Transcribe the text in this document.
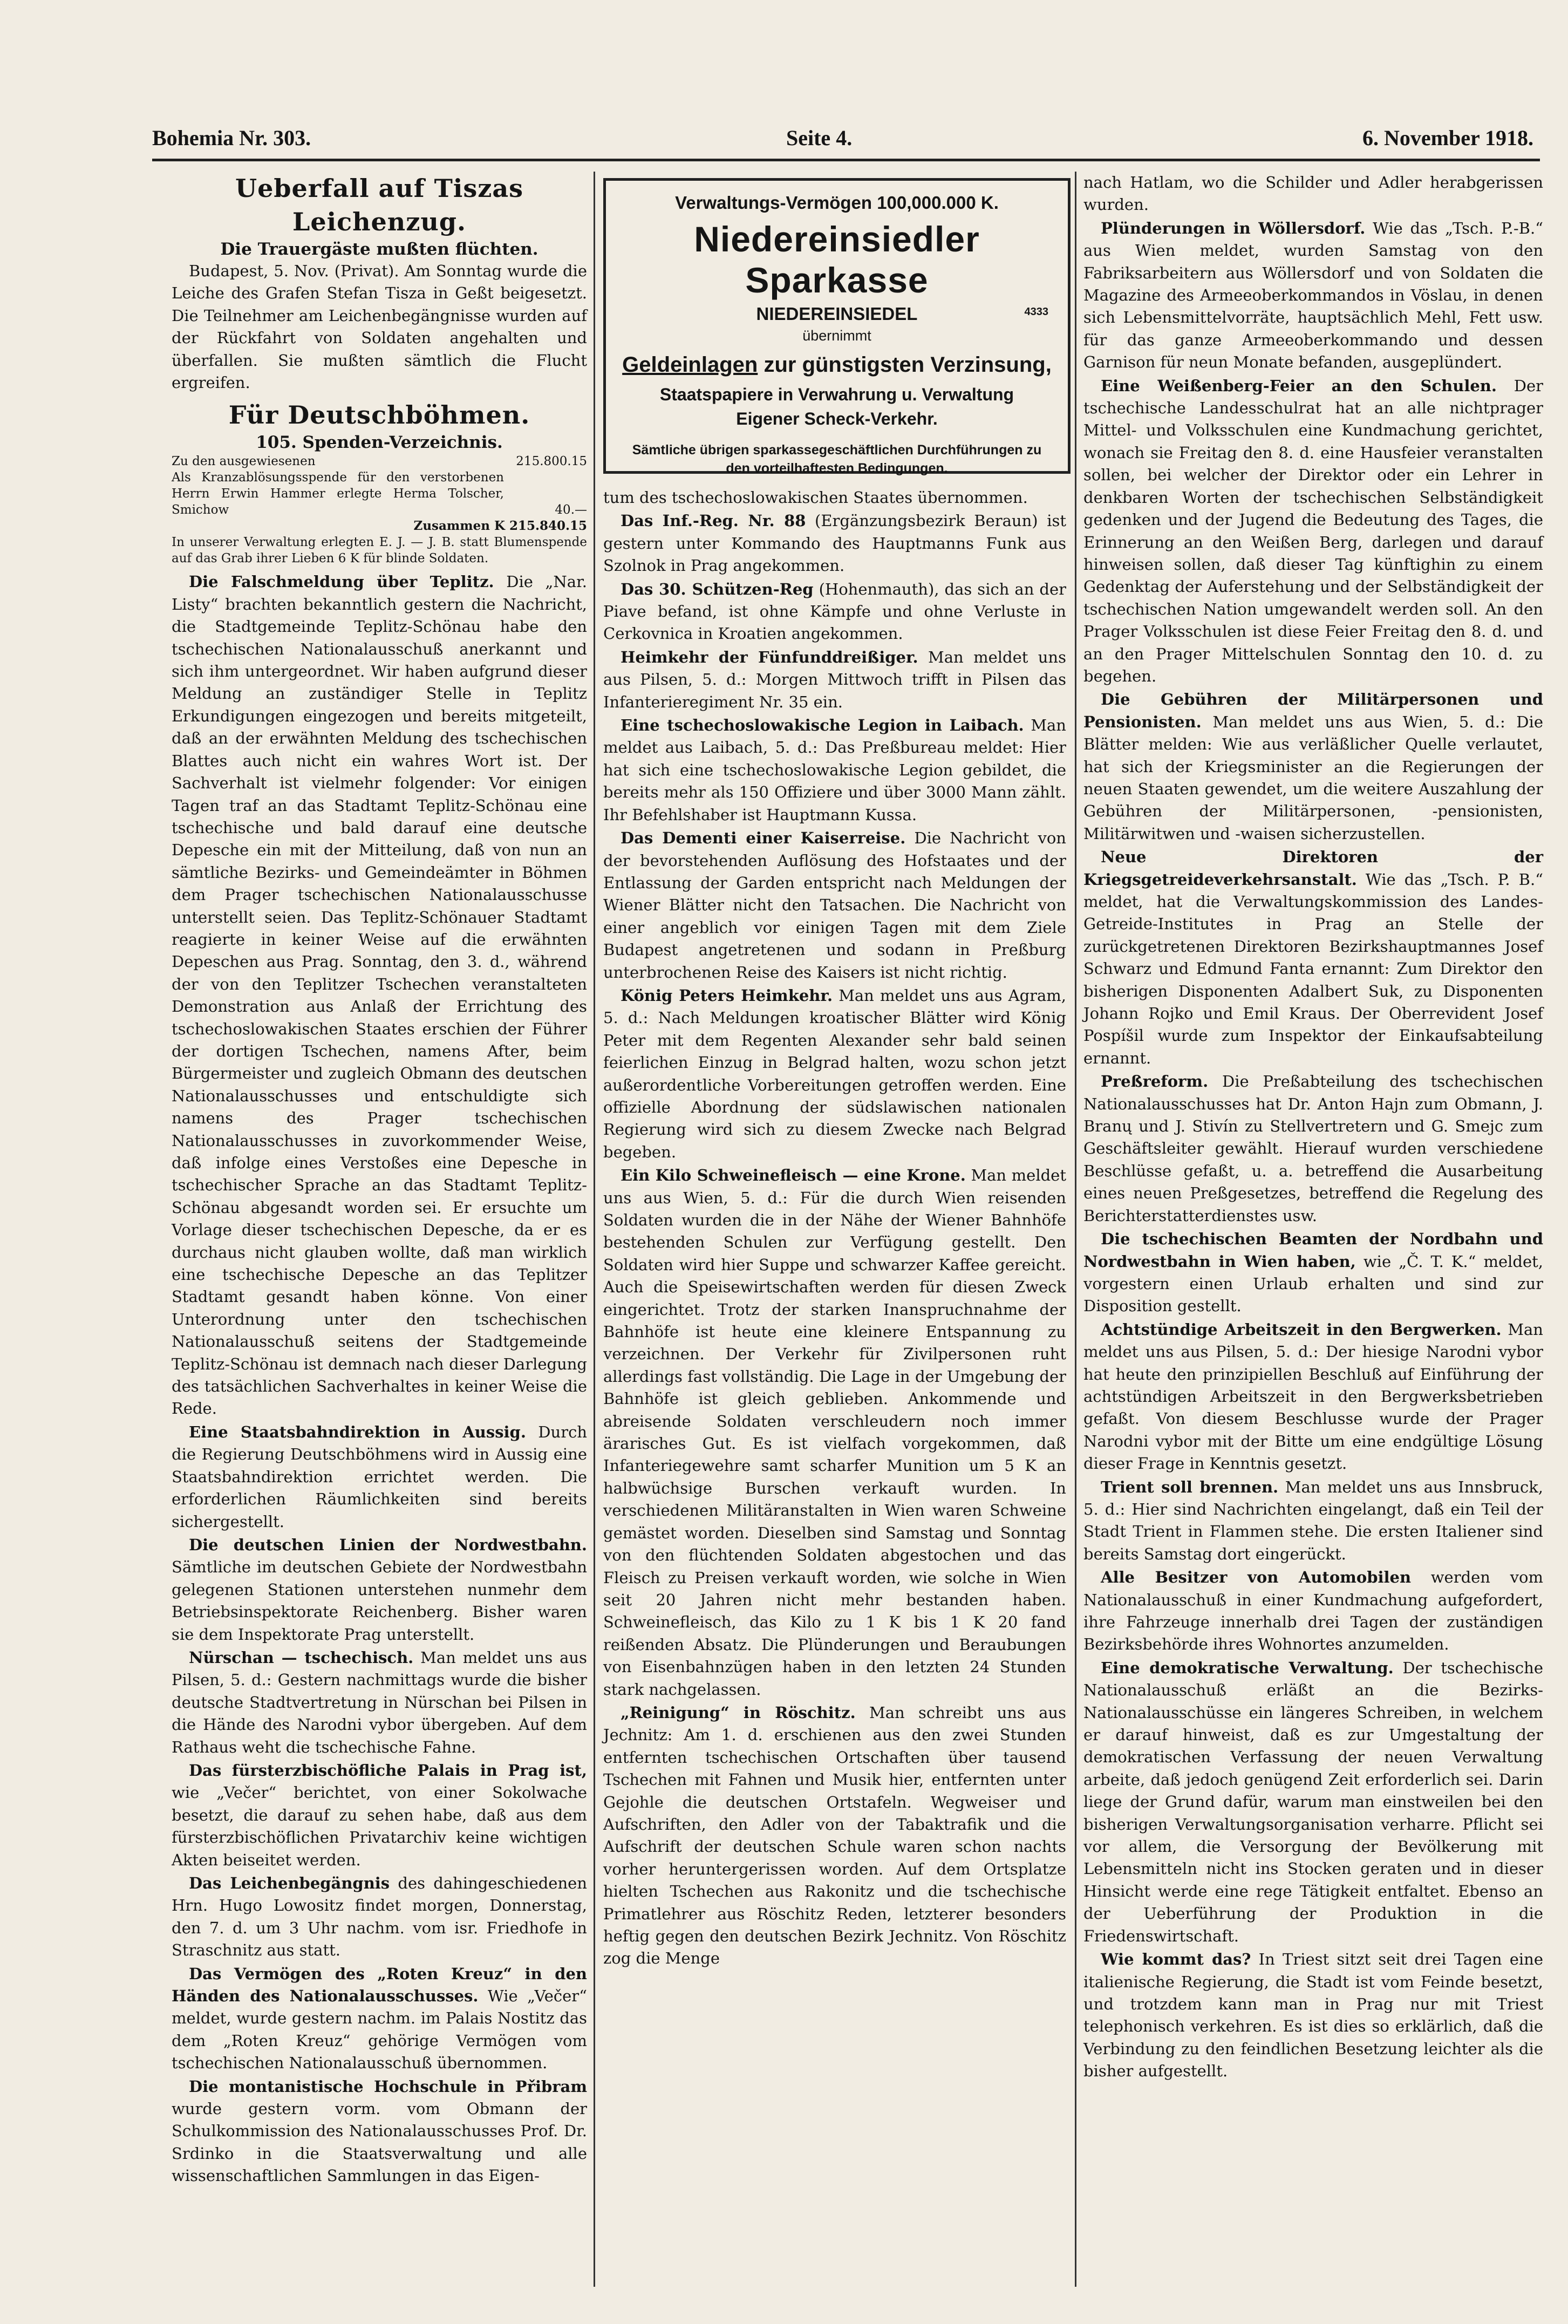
Bohemia Nr. 303.	Seite 4.	6. November 1918.
Ueberfall auf Tiszas Leichenzug.
Die Trauergäste mußten flüchten.

Budapest, 5. Nov. (Privat). Am Sonntag wurde die Leiche des Grafen Stefan Tisza in Geßt beigesetzt. Die Teilnehmer am Leichenbegängnisse wurden auf der Rückfahrt von Soldaten angehalten und überfallen. Sie mußten sämtlich die Flucht ergreifen.

Für Deutschböhmen.
105. Spenden-Verzeichnis.
Zu den ausgewiesenen	215.800.15
Als Kranzablösungsspende für den verstorbenen Herrn Erwin Hammer erlegte Herma Tolscher, Smichow	40.—
Zusammen K 215.840.15

In unserer Verwaltung erlegten E. J. — J. B. statt Blumenspende auf das Grab ihrer Lieben 6 K für blinde Soldaten.

Die Falschmeldung über Teplitz. Die „Nar. Listy“ brachten bekanntlich gestern die Nachricht, die Stadtgemeinde Teplitz-Schönau habe den tschechischen Nationalausschuß anerkannt und sich ihm untergeordnet. Wir haben aufgrund dieser Meldung an zuständiger Stelle in Teplitz Erkundigungen eingezogen und bereits mitgeteilt, daß an der erwähnten Meldung des tschechischen Blattes auch nicht ein wahres Wort ist. Der Sachverhalt ist vielmehr folgender: Vor einigen Tagen traf an das Stadtamt Teplitz-Schönau eine tschechische und bald darauf eine deutsche Depesche ein mit der Mitteilung, daß von nun an sämtliche Bezirks- und Gemeindeämter in Böhmen dem Prager tschechischen Nationalausschusse unterstellt seien. Das Teplitz-Schönauer Stadtamt reagierte in keiner Weise auf die erwähnten Depeschen aus Prag. Sonntag, den 3. d., während der von den Teplitzer Tschechen veranstalteten Demonstration aus Anlaß der Errichtung des tschechoslowakischen Staates erschien der Führer der dortigen Tschechen, namens After, beim Bürgermeister und zugleich Obmann des deutschen Nationalausschusses und entschuldigte sich namens des Prager tschechischen Nationalausschusses in zuvorkommender Weise, daß infolge eines Verstoßes eine Depesche in tschechischer Sprache an das Stadtamt Teplitz-Schönau abgesandt worden sei. Er ersuchte um Vorlage dieser tschechischen Depesche, da er es durchaus nicht glauben wollte, daß man wirklich eine tschechische Depesche an das Teplitzer Stadtamt gesandt haben könne. Von einer Unterordnung unter den tschechischen Nationalausschuß seitens der Stadtgemeinde Teplitz-Schönau ist demnach nach dieser Darlegung des tatsächlichen Sachverhaltes in keiner Weise die Rede.

Eine Staatsbahndirektion in Aussig. Durch die Regierung Deutschböhmens wird in Aussig eine Staatsbahndirektion errichtet werden. Die erforderlichen Räumlichkeiten sind bereits sichergestellt.

Die deutschen Linien der Nordwestbahn. Sämtliche im deutschen Gebiete der Nordwestbahn gelegenen Stationen unterstehen nunmehr dem Betriebsinspektorate Reichenberg. Bisher waren sie dem Inspektorate Prag unterstellt.

Nürschan — tschechisch. Man meldet uns aus Pilsen, 5. d.: Gestern nachmittags wurde die bisher deutsche Stadtvertretung in Nürschan bei Pilsen in die Hände des Narodni vybor übergeben. Auf dem Rathaus weht die tschechische Fahne.

Das fürsterzbischöfliche Palais in Prag ist, wie „Večer“ berichtet, von einer Sokolwache besetzt, die darauf zu sehen habe, daß aus dem fürsterzbischöflichen Privatarchiv keine wichtigen Akten beiseitet werden.

Das Leichenbegängnis des dahingeschiedenen Hrn. Hugo Lowositz findet morgen, Donnerstag, den 7. d. um 3 Uhr nachm. vom isr. Friedhofe in Straschnitz aus statt.

Das Vermögen des „Roten Kreuz“ in den Händen des Nationalausschusses. Wie „Večer“ meldet, wurde gestern nachm. im Palais Nostitz das dem „Roten Kreuz“ gehörige Vermögen vom tschechischen Nationalausschuß übernommen.

Die montanistische Hochschule in Přibram wurde gestern vorm. vom Obmann der Schulkommission des Nationalausschusses Prof. Dr. Srdinko in die Staatsverwaltung und alle wissenschaftlichen Sammlungen in das Eigen-

Verwaltungs-Vermögen 100,000.000 K.
Niedereinsiedler Sparkasse
NIEDEREINSIEDEL	4333
übernimmt
Geldeinlagen zur günstigsten Verzinsung,
Staatspapiere in Verwahrung u. Verwaltung
Eigener Scheck-Verkehr.
Sämtliche übrigen sparkassegeschäftlichen Durchführungen zu den vorteilhaftesten Bedingungen.

tum des tschechoslowakischen Staates übernommen.

Das Inf.-Reg. Nr. 88 (Ergänzungsbezirk Beraun) ist gestern unter Kommando des Hauptmanns Funk aus Szolnok in Prag angekommen.

Das 30. Schützen-Reg (Hohenmauth), das sich an der Piave befand, ist ohne Kämpfe und ohne Verluste in Cerkovnica in Kroatien angekommen.

Heimkehr der Fünfunddreißiger. Man meldet uns aus Pilsen, 5. d.: Morgen Mittwoch trifft in Pilsen das Infanterieregiment Nr. 35 ein.

Eine tschechoslowakische Legion in Laibach. Man meldet aus Laibach, 5. d.: Das Preßbureau meldet: Hier hat sich eine tschechoslowakische Legion gebildet, die bereits mehr als 150 Offiziere und über 3000 Mann zählt. Ihr Befehlshaber ist Hauptmann Kussa.

Das Dementi einer Kaiserreise. Die Nachricht von der bevorstehenden Auflösung des Hofstaates und der Entlassung der Garden entspricht nach Meldungen der Wiener Blätter nicht den Tatsachen. Die Nachricht von einer angeblich vor einigen Tagen mit dem Ziele Budapest angetretenen und sodann in Preßburg unterbrochenen Reise des Kaisers ist nicht richtig.

König Peters Heimkehr. Man meldet uns aus Agram, 5. d.: Nach Meldungen kroatischer Blätter wird König Peter mit dem Regenten Alexander sehr bald seinen feierlichen Einzug in Belgrad halten, wozu schon jetzt außerordentliche Vorbereitungen getroffen werden. Eine offizielle Abordnung der südslawischen nationalen Regierung wird sich zu diesem Zwecke nach Belgrad begeben.

Ein Kilo Schweinefleisch — eine Krone. Man meldet uns aus Wien, 5. d.: Für die durch Wien reisenden Soldaten wurden die in der Nähe der Wiener Bahnhöfe bestehenden Schulen zur Verfügung gestellt. Den Soldaten wird hier Suppe und schwarzer Kaffee gereicht. Auch die Speisewirtschaften werden für diesen Zweck eingerichtet. Trotz der starken Inanspruchnahme der Bahnhöfe ist heute eine kleinere Entspannung zu verzeichnen. Der Verkehr für Zivilpersonen ruht allerdings fast vollständig. Die Lage in der Umgebung der Bahnhöfe ist gleich geblieben. Ankommende und abreisende Soldaten verschleudern noch immer ärarisches Gut. Es ist vielfach vorgekommen, daß Infanteriegewehre samt scharfer Munition um 5 K an halbwüchsige Burschen verkauft wurden. In verschiedenen Militäranstalten in Wien waren Schweine gemästet worden. Dieselben sind Samstag und Sonntag von den flüchtenden Soldaten abgestochen und das Fleisch zu Preisen verkauft worden, wie solche in Wien seit 20 Jahren nicht mehr bestanden haben. Schweinefleisch, das Kilo zu 1 K bis 1 K 20 fand reißenden Absatz. Die Plünderungen und Beraubungen von Eisenbahnzügen haben in den letzten 24 Stunden stark nachgelassen.

„Reinigung“ in Röschitz. Man schreibt uns aus Jechnitz: Am 1. d. erschienen aus den zwei Stunden entfernten tschechischen Ortschaften über tausend Tschechen mit Fahnen und Musik hier, entfernten unter Gejohle die deutschen Ortstafeln. Wegweiser und Aufschriften, den Adler von der Tabaktrafik und die Aufschrift der deutschen Schule waren schon nachts vorher heruntergerissen worden. Auf dem Ortsplatze hielten Tschechen aus Rakonitz und die tschechische Primatlehrer aus Röschitz Reden, letzterer besonders heftig gegen den deutschen Bezirk Jechnitz. Von Röschitz zog die Menge

nach Hatlam, wo die Schilder und Adler herabgerissen wurden.

Plünderungen in Wöllersdorf. Wie das „Tsch. P.-B.“ aus Wien meldet, wurden Samstag von den Fabriksarbeitern aus Wöllersdorf und von Soldaten die Magazine des Armeeoberkommandos in Vöslau, in denen sich Lebensmittelvorräte, hauptsächlich Mehl, Fett usw. für das ganze Armeeoberkommando und dessen Garnison für neun Monate befanden, ausgeplündert.

Eine Weißenberg-Feier an den Schulen. Der tschechische Landesschulrat hat an alle nichtprager Mittel- und Volksschulen eine Kundmachung gerichtet, wonach sie Freitag den 8. d. eine Hausfeier veranstalten sollen, bei welcher der Direktor oder ein Lehrer in denkbaren Worten der tschechischen Selbständigkeit gedenken und der Jugend die Bedeutung des Tages, die Erinnerung an den Weißen Berg, darlegen und darauf hinweisen sollen, daß dieser Tag künftighin zu einem Gedenktag der Auferstehung und der Selbständigkeit der tschechischen Nation umgewandelt werden soll. An den Prager Volksschulen ist diese Feier Freitag den 8. d. und an den Prager Mittelschulen Sonntag den 10. d. zu begehen.

Die Gebühren der Militärpersonen und Pensionisten. Man meldet uns aus Wien, 5. d.: Die Blätter melden: Wie aus verläßlicher Quelle verlautet, hat sich der Kriegsminister an die Regierungen der neuen Staaten gewendet, um die weitere Auszahlung der Gebühren der Militärpersonen, -pensionisten, Militärwitwen und -waisen sicherzustellen.

Neue Direktoren der Kriegsgetreideverkehrsanstalt. Wie das „Tsch. P. B.“ meldet, hat die Verwaltungskommission des Landes-Getreide-Institutes in Prag an Stelle der zurückgetretenen Direktoren Bezirkshauptmannes Josef Schwarz und Edmund Fanta ernannt: Zum Direktor den bisherigen Disponenten Adalbert Suk, zu Disponenten Johann Rojko und Emil Kraus. Der Oberrevident Josef Pospíšil wurde zum Inspektor der Einkaufsabteilung ernannt.

Preßreform. Die Preßabteilung des tschechischen Nationalausschusses hat Dr. Anton Hajn zum Obmann, J. Branų und J. Stivín zu Stellvertretern und G. Smejc zum Geschäftsleiter gewählt. Hierauf wurden verschiedene Beschlüsse gefaßt, u. a. betreffend die Ausarbeitung eines neuen Preßgesetzes, betreffend die Regelung des Berichterstatterdienstes usw.

Die tschechischen Beamten der Nordbahn und Nordwestbahn in Wien haben, wie „Č. T. K.“ meldet, vorgestern einen Urlaub erhalten und sind zur Disposition gestellt.

Achtstündige Arbeitszeit in den Bergwerken. Man meldet uns aus Pilsen, 5. d.: Der hiesige Narodni vybor hat heute den prinzipiellen Beschluß auf Einführung der achtstündigen Arbeitszeit in den Bergwerksbetrieben gefaßt. Von diesem Beschlusse wurde der Prager Narodni vybor mit der Bitte um eine endgültige Lösung dieser Frage in Kenntnis gesetzt.

Trient soll brennen. Man meldet uns aus Innsbruck, 5. d.: Hier sind Nachrichten eingelangt, daß ein Teil der Stadt Trient in Flammen stehe. Die ersten Italiener sind bereits Samstag dort eingerückt.

Alle Besitzer von Automobilen werden vom Nationalausschuß in einer Kundmachung aufgefordert, ihre Fahrzeuge innerhalb drei Tagen der zuständigen Bezirksbehörde ihres Wohnortes anzumelden.

Eine demokratische Verwaltung. Der tschechische Nationalausschuß erläßt an die Bezirks-Nationalausschüsse ein längeres Schreiben, in welchem er darauf hinweist, daß es zur Umgestaltung der demokratischen Verfassung der neuen Verwaltung arbeite, daß jedoch genügend Zeit erforderlich sei. Darin liege der Grund dafür, warum man einstweilen bei den bisherigen Verwaltungsorganisation verharre. Pflicht sei vor allem, die Versorgung der Bevölkerung mit Lebensmitteln nicht ins Stocken geraten und in dieser Hinsicht werde eine rege Tätigkeit entfaltet. Ebenso an der Ueberführung der Produktion in die Friedenswirtschaft.

Wie kommt das? In Triest sitzt seit drei Tagen eine italienische Regierung, die Stadt ist vom Feinde besetzt, und trotzdem kann man in Prag nur mit Triest telephonisch verkehren. Es ist dies so erklärlich, daß die Verbindung zu den feindlichen Besetzung leichter als die bisher aufgestellt.
